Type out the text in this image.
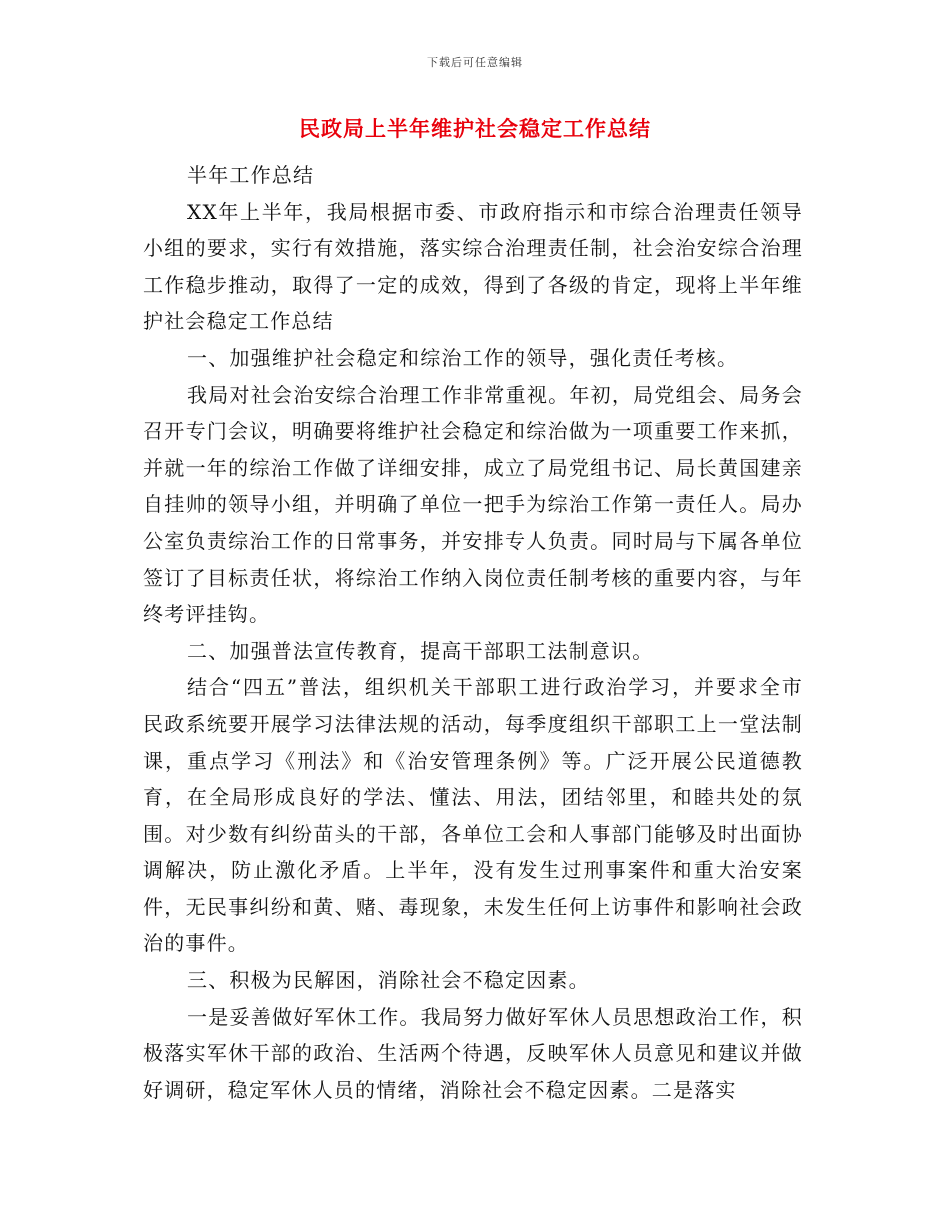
下载后可任意编辑
民政局上半年维护社会稳定工作总结

半年工作总结

XX年上半年，我局根据市委、市政府指示和市综合治理责任领导小组的要求，实行有效措施，落实综合治理责任制，社会治安综合治理工作稳步推动，取得了一定的成效，得到了各级的肯定，现将上半年维护社会稳定工作总结

一、加强维护社会稳定和综治工作的领导，强化责任考核。

我局对社会治安综合治理工作非常重视。年初，局党组会、局务会召开专门会议，明确要将维护社会稳定和综治做为一项重要工作来抓，并就一年的综治工作做了详细安排，成立了局党组书记、局长黄国建亲自挂帅的领导小组，并明确了单位一把手为综治工作第一责任人。局办公室负责综治工作的日常事务，并安排专人负责。同时局与下属各单位签订了目标责任状，将综治工作纳入岗位责任制考核的重要内容，与年终考评挂钩。

二、加强普法宣传教育，提高干部职工法制意识。

结合“四五”普法，组织机关干部职工进行政治学习，并要求全市民政系统要开展学习法律法规的活动，每季度组织干部职工上一堂法制课，重点学习《刑法》和《治安管理条例》等。广泛开展公民道德教育，在全局形成良好的学法、懂法、用法，团结邻里，和睦共处的氛围。对少数有纠纷苗头的干部，各单位工会和人事部门能够及时出面协调解决，防止激化矛盾。上半年，没有发生过刑事案件和重大治安案件，无民事纠纷和黄、赌、毒现象，未发生任何上访事件和影响社会政治的事件。

三、积极为民解困，消除社会不稳定因素。

一是妥善做好军休工作。我局努力做好军休人员思想政治工作，积极落实军休干部的政治、生活两个待遇，反映军休人员意见和建议并做好调研，稳定军休人员的情绪，消除社会不稳定因素。二是落实
